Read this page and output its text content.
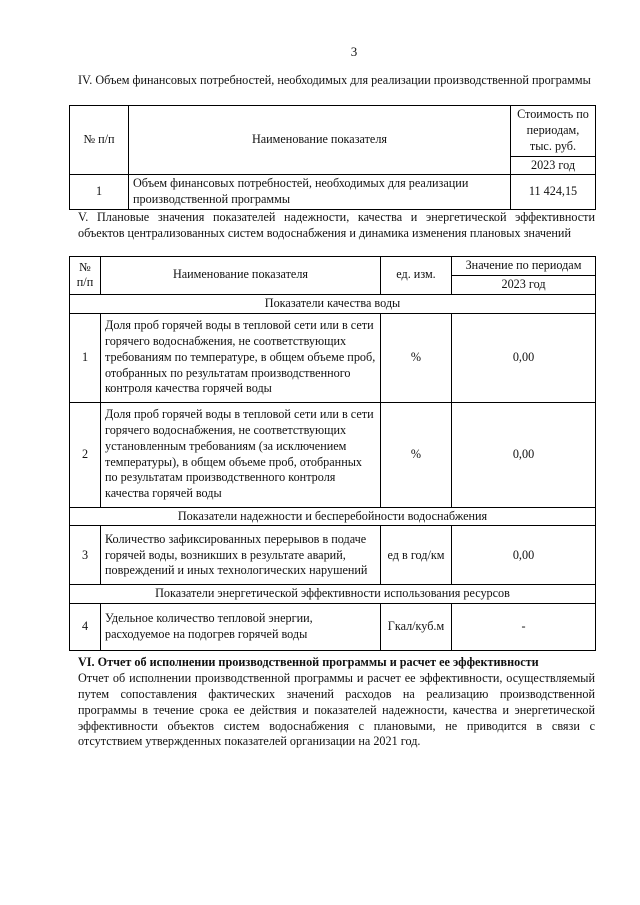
3
IV. Объем финансовых потребностей, необходимых для реализации производственной программы
№ п/п	Наименование показателя	Стоимость по периодам, тыс. руб.
		2023 год
1	Объем финансовых потребностей, необходимых для реализации производственной программы	11 424,15
V. Плановые значения показателей надежности, качества и энергетической эффективности объектов централизованных систем водоснабжения и динамика изменения плановых значений
№ п/п	Наименование показателя	ед. изм.	Значение по периодам
			2023 год
Показатели качества воды			
1	Доля проб горячей воды в тепловой сети или в сети горячего водоснабжения, не соответствующих требованиям по температуре, в общем объеме проб, отобранных по результатам производственного контроля качества горячей воды	%	0,00
2	Доля проб горячей воды в тепловой сети или в сети горячего водоснабжения, не соответствующих установленным требованиям (за исключением температуры), в общем объеме проб, отобранных по результатам производственного контроля качества горячей воды	%	0,00
Показатели надежности и бесперебойности водоснабжения			
3	Количество зафиксированных перерывов в подаче горячей воды, возникших в результате аварий, повреждений и иных технологических нарушений	ед в год/км	0,00
Показатели энергетической эффективности использования ресурсов			
4	Удельное количество тепловой энергии, расходуемое на подогрев горячей воды	Гкал/куб.м	-
VI. Отчет об исполнении производственной программы и расчет ее эффективности
Отчет об исполнении производственной программы и расчет ее эффективности, осуществляемый путем сопоставления фактических значений расходов на реализацию производственной программы в течение срока ее действия и показателей надежности, качества и энергетической эффективности объектов систем водоснабжения с плановыми, не приводится в связи с отсутствием утвержденных показателей организации на 2021 год.
